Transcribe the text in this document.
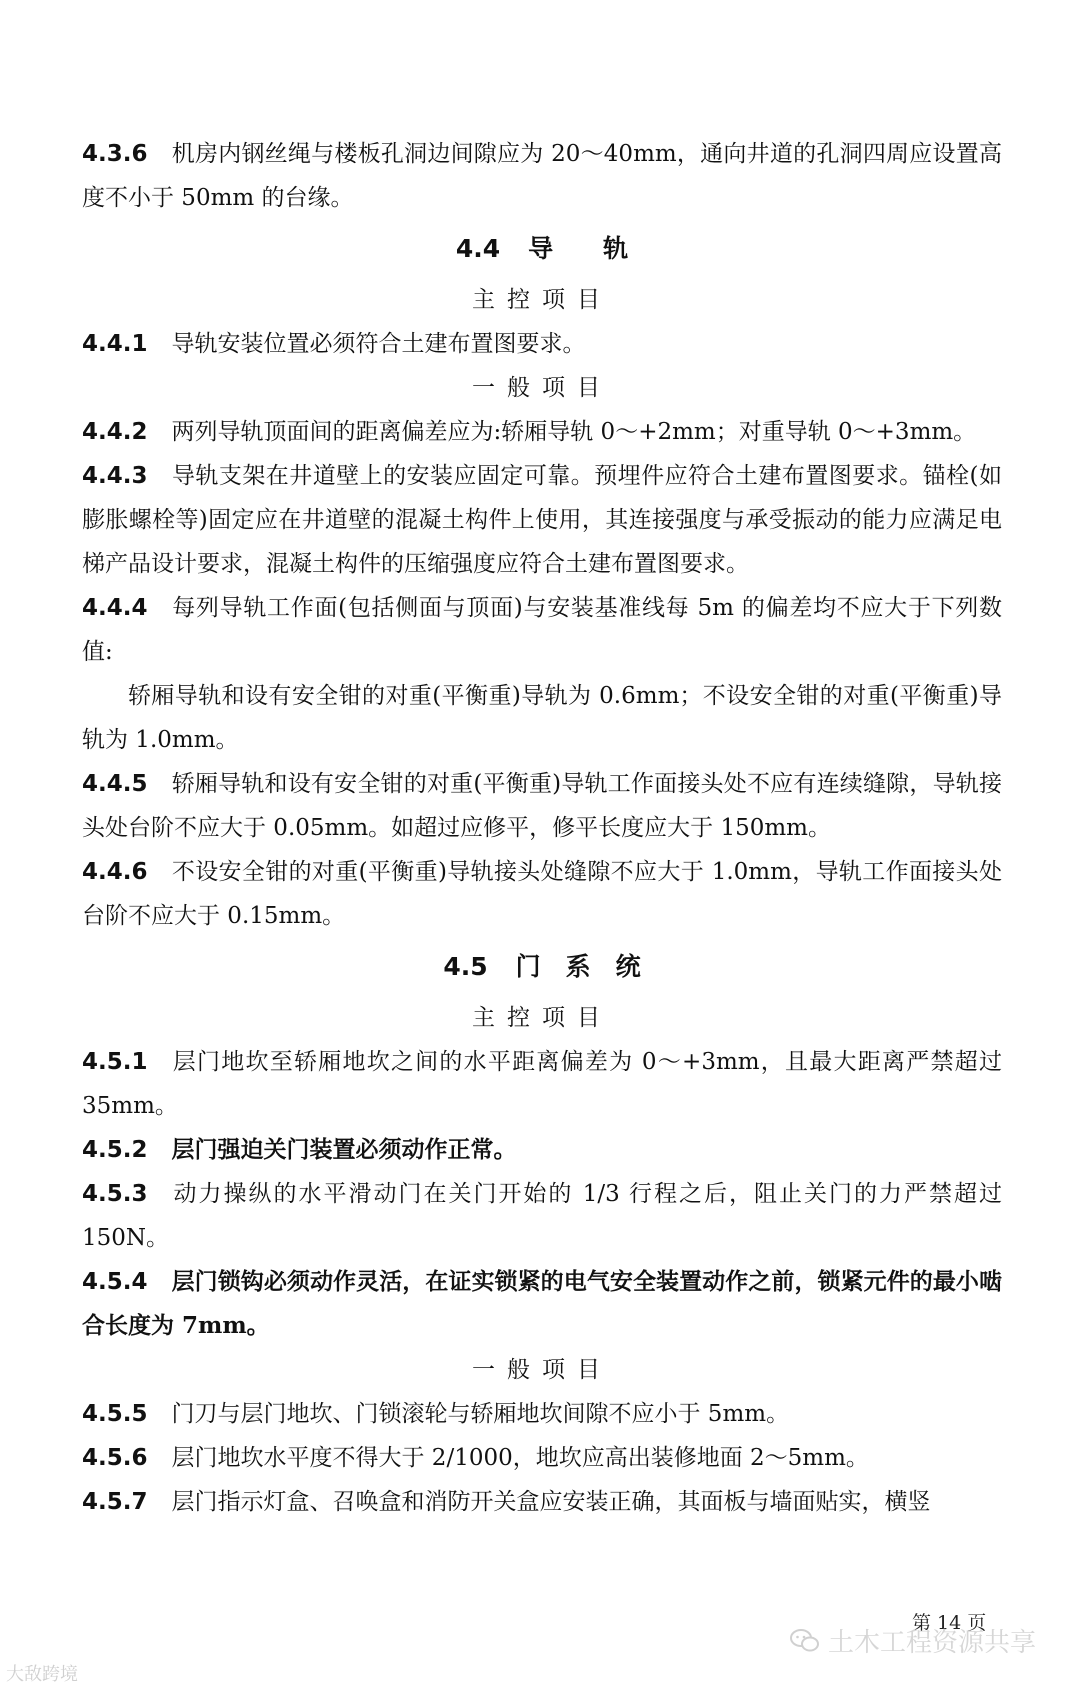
4.3.6 机房内钢丝绳与楼板孔洞边间隙应为 20～40mm，通向井道的孔洞四周应设置高度不小于 50mm 的台缘。

4.4 导　　轨

主控项目

4.4.1 导轨安装位置必须符合土建布置图要求。

一般项目

4.4.2 两列导轨顶面间的距离偏差应为:轿厢导轨 0～+2mm；对重导轨 0～+3mm。

4.4.3 导轨支架在井道壁上的安装应固定可靠。预埋件应符合土建布置图要求。锚栓(如膨胀螺栓等)固定应在井道壁的混凝土构件上使用，其连接强度与承受振动的能力应满足电梯产品设计要求，混凝土构件的压缩强度应符合土建布置图要求。

4.4.4 每列导轨工作面(包括侧面与顶面)与安装基准线每 5m 的偏差均不应大于下列数值:

轿厢导轨和设有安全钳的对重(平衡重)导轨为 0.6mm；不设安全钳的对重(平衡重)导轨为 1.0mm。

4.4.5 轿厢导轨和设有安全钳的对重(平衡重)导轨工作面接头处不应有连续缝隙，导轨接头处台阶不应大于 0.05mm。如超过应修平，修平长度应大于 150mm。

4.4.6 不设安全钳的对重(平衡重)导轨接头处缝隙不应大于 1.0mm，导轨工作面接头处台阶不应大于 0.15mm。

4.5 门　系　统

主控项目

4.5.1 层门地坎至轿厢地坎之间的水平距离偏差为 0～+3mm，且最大距离严禁超过 35mm。

4.5.2 层门强迫关门装置必须动作正常。

4.5.3 动力操纵的水平滑动门在关门开始的 1/3 行程之后，阻止关门的力严禁超过 150N。

4.5.4 层门锁钩必须动作灵活，在证实锁紧的电气安全装置动作之前，锁紧元件的最小啮合长度为 7mm。

一般项目

4.5.5 门刀与层门地坎、门锁滚轮与轿厢地坎间隙不应小于 5mm。

4.5.6 层门地坎水平度不得大于 2/1000，地坎应高出装修地面 2～5mm。

4.5.7 层门指示灯盒、召唤盒和消防开关盒应安装正确，其面板与墙面贴实，横竖

第 14 页
大敌跨境
土木工程资源共享
